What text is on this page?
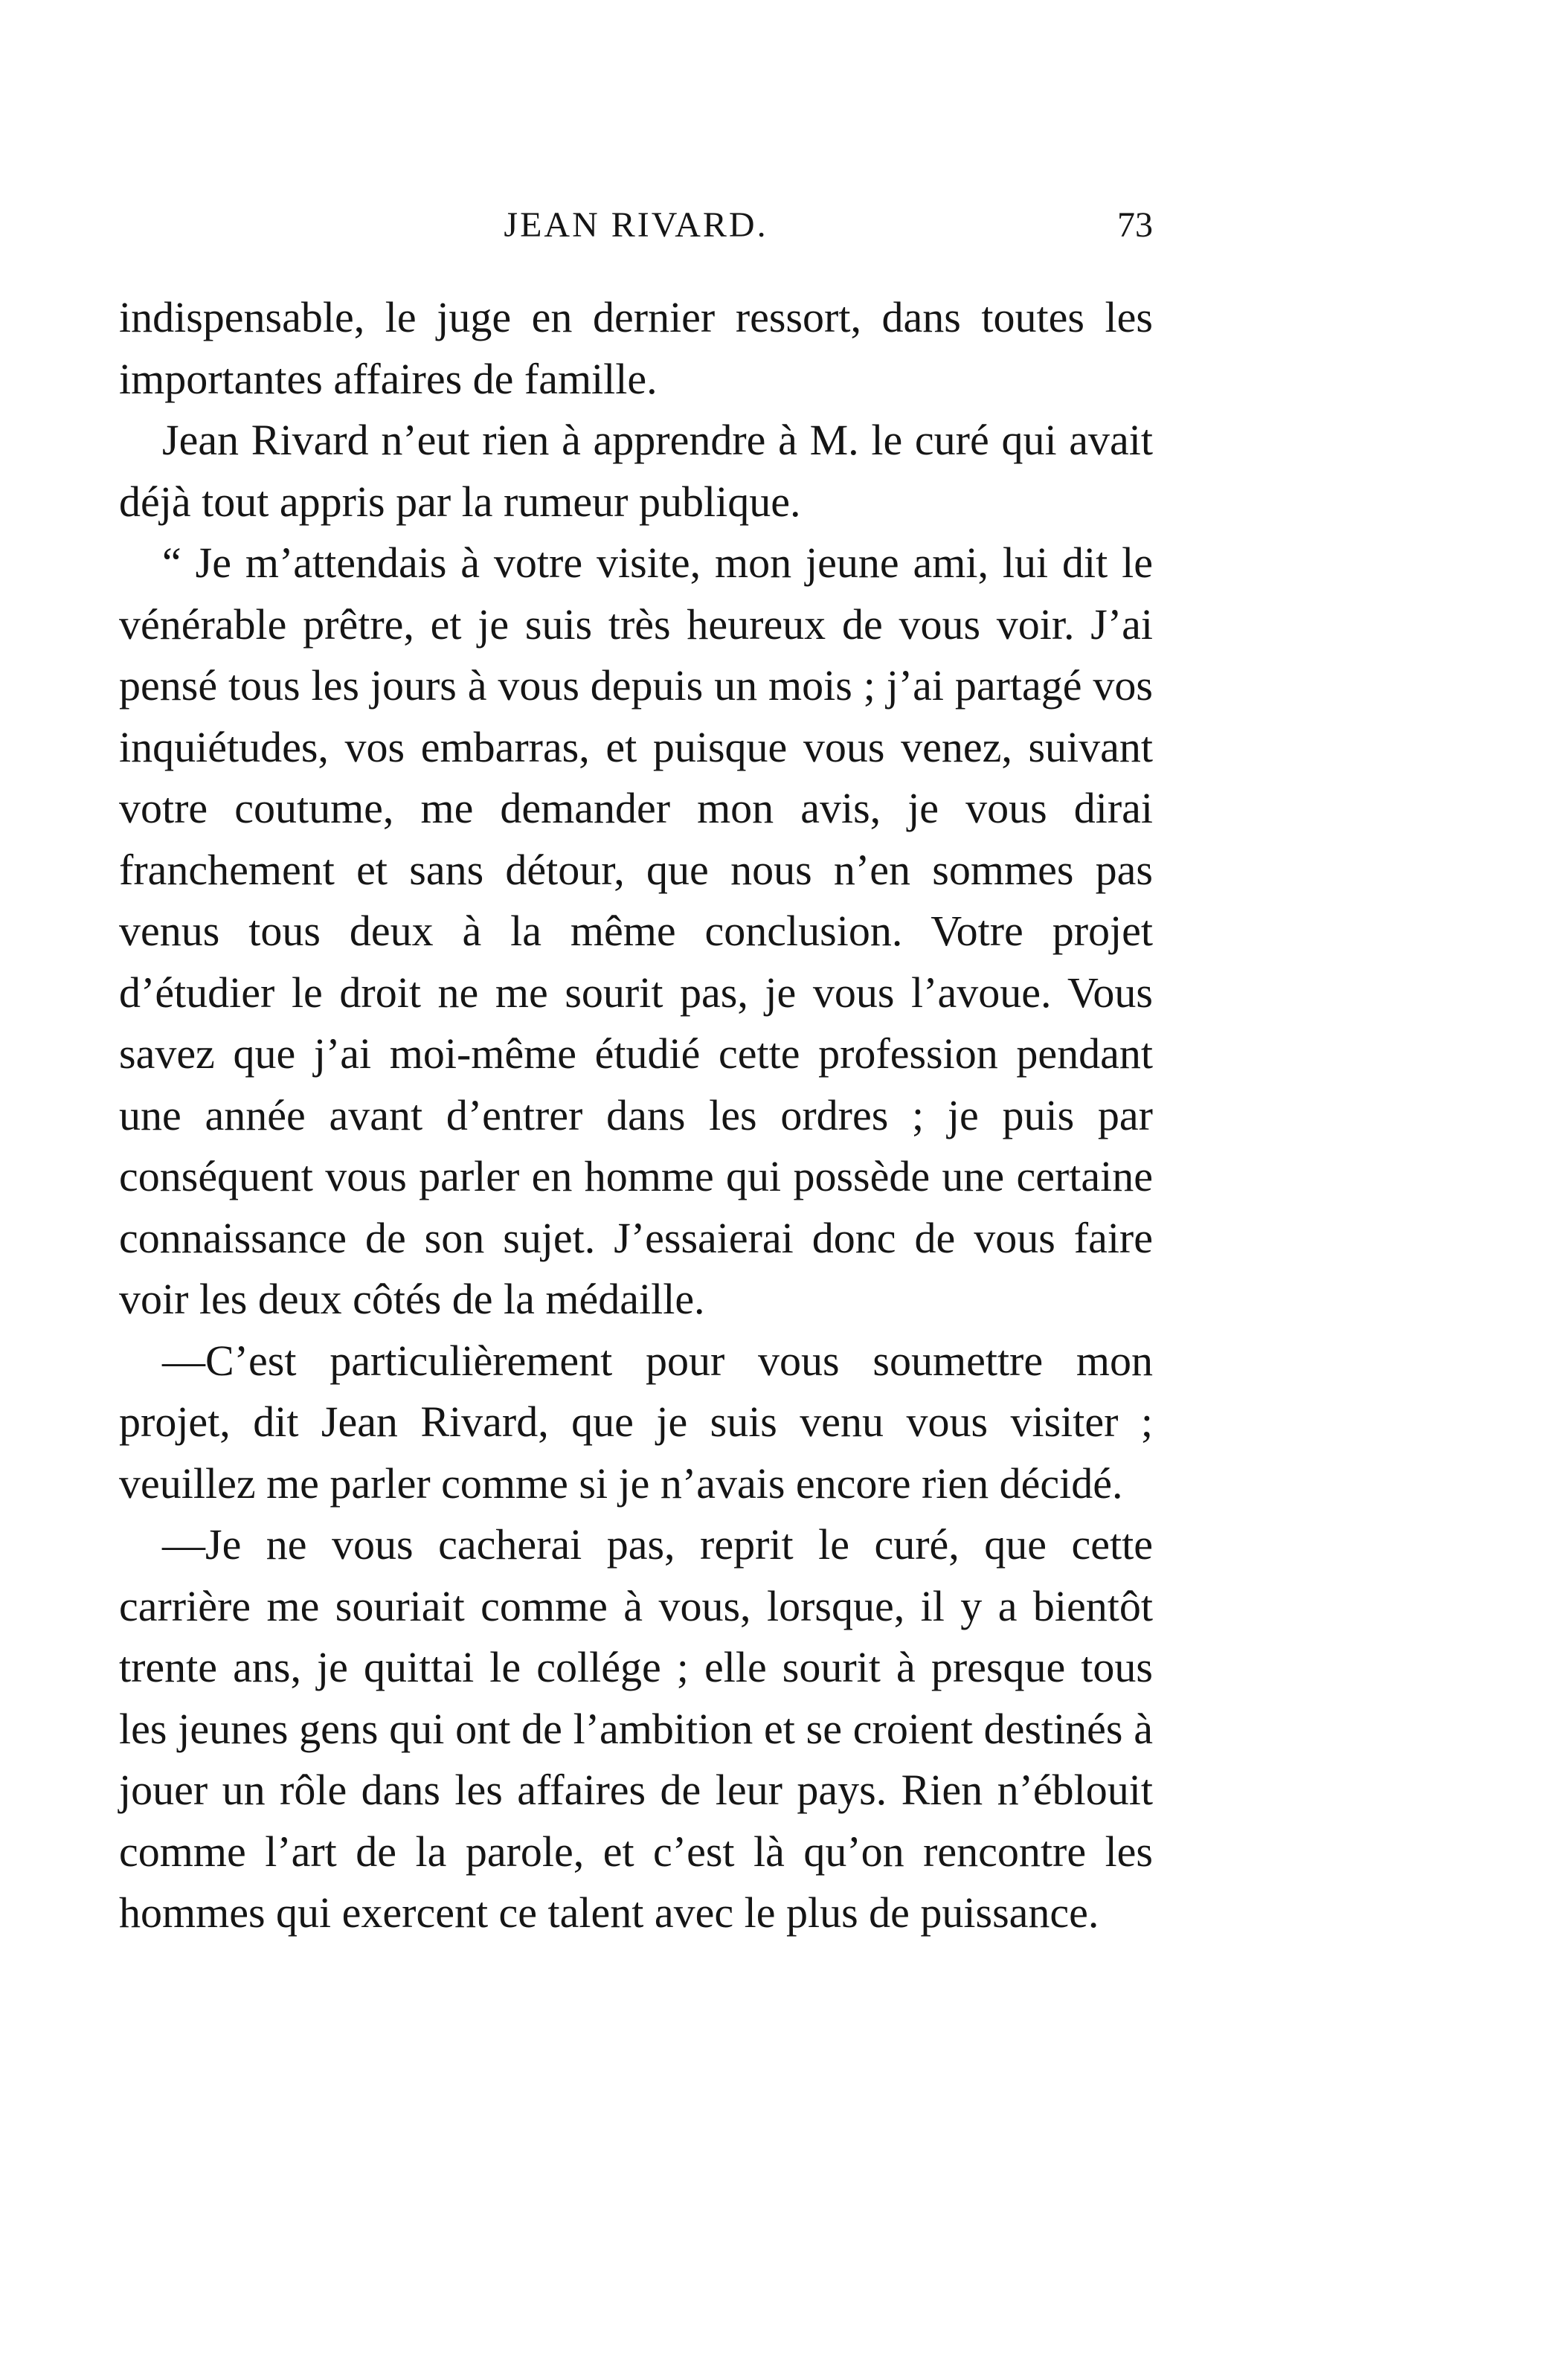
JEAN RIVARD.	73

indispensable, le juge en dernier ressort, dans toutes les importantes affaires de famille.

Jean Rivard n’eut rien à apprendre à M. le curé qui avait déjà tout appris par la rumeur publique.

“ Je m’attendais à votre visite, mon jeune ami, lui dit le vénérable prêtre, et je suis très heureux de vous voir. J’ai pensé tous les jours à vous depuis un mois ; j’ai partagé vos inquiétudes, vos embarras, et puisque vous venez, suivant votre coutume, me demander mon avis, je vous dirai franchement et sans détour, que nous n’en sommes pas venus tous deux à la même conclusion. Votre projet d’étudier le droit ne me sourit pas, je vous l’avoue. Vous savez que j’ai moi-même étudié cette profession pendant une année avant d’entrer dans les ordres ; je puis par conséquent vous parler en homme qui possède une certaine connaissance de son sujet. J’essaierai donc de vous faire voir les deux côtés de la médaille.

—C’est particulièrement pour vous soumettre mon projet, dit Jean Rivard, que je suis venu vous visiter ; veuillez me parler comme si je n’avais encore rien décidé.

—Je ne vous cacherai pas, reprit le curé, que cette carrière me souriait comme à vous, lorsque, il y a bientôt trente ans, je quittai le collége ; elle sourit à presque tous les jeunes gens qui ont de l’ambition et se croient destinés à jouer un rôle dans les affaires de leur pays. Rien n’éblouit comme l’art de la parole, et c’est là qu’on rencontre les hommes qui exercent ce talent avec le plus de puissance.
